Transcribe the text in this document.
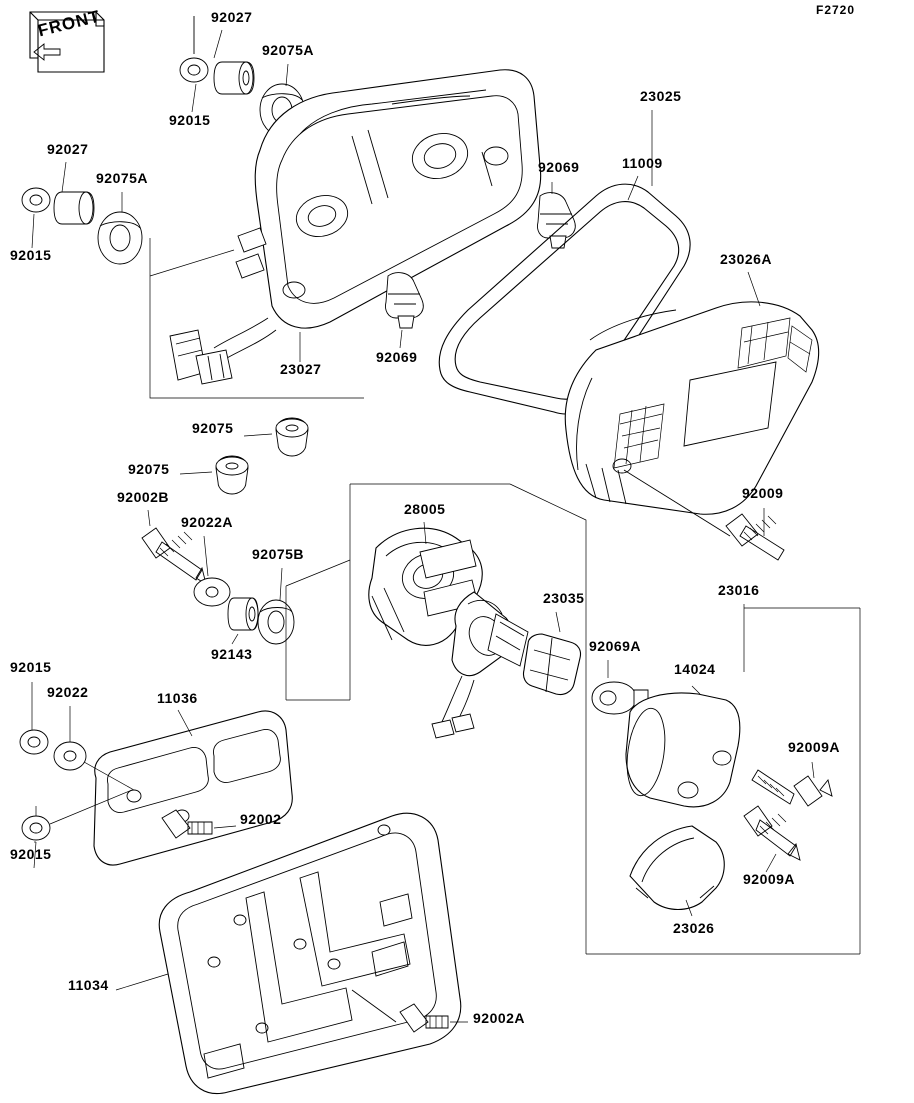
F2720
FRONT	92027
92075A
92015
23025
92069	11009
92027
92075A
92015	23026A
92069
23027
92075
92075
92002B
92022A
28005
92009
92075B
23035	23016
92143	92069A
14024
92015
92022	11036
92009A
92002
92015
92009A
23026
11034
92002A
